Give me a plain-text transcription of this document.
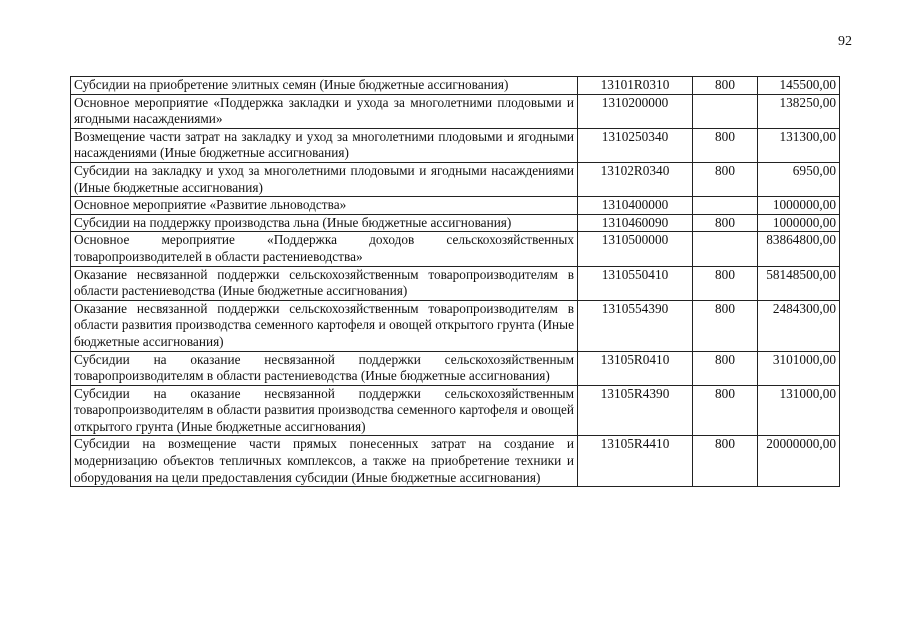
92
Субсидии на приобретение элитных семян (Иные бюджетные ассигнования)	13101R0310	800	145500,00
Основное мероприятие «Поддержка закладки и ухода за многолетними плодовыми и ягодными насаждениями»	1310200000		138250,00
Возмещение части затрат на закладку и уход за многолетними плодовыми и ягодными насаждениями (Иные бюджетные ассигнования)	1310250340	800	131300,00
Субсидии на закладку и уход за многолетними плодовыми и ягодными насаждениями (Иные бюджетные ассигнования)	13102R0340	800	6950,00
Основное мероприятие «Развитие льноводства»	1310400000		1000000,00
Субсидии на поддержку производства льна (Иные бюджетные ассигнования)	1310460090	800	1000000,00
Основное мероприятие «Поддержка доходов сельскохозяйственных товаропроизводителей в области растениеводства»	1310500000		83864800,00
Оказание несвязанной поддержки сельскохозяйственным товаропроизводителям в области растениеводства (Иные бюджетные ассигнования)	1310550410	800	58148500,00
Оказание несвязанной поддержки сельскохозяйственным товаропроизводителям в области развития производства семенного картофеля и овощей открытого грунта (Иные бюджетные ассигнования)	1310554390	800	2484300,00
Субсидии на оказание несвязанной поддержки сельскохозяйственным товаропроизводителям в области растениеводства (Иные бюджетные ассигнования)	13105R0410	800	3101000,00
Субсидии на оказание несвязанной поддержки сельскохозяйственным товаропроизводителям в области развития производства семенного картофеля и овощей открытого грунта (Иные бюджетные ассигнования)	13105R4390	800	131000,00
Субсидии на возмещение части прямых понесенных затрат на создание и модернизацию объектов тепличных комплексов, а также на приобретение техники и оборудования на цели предоставления субсидии (Иные бюджетные ассигнования)	13105R4410	800	20000000,00
